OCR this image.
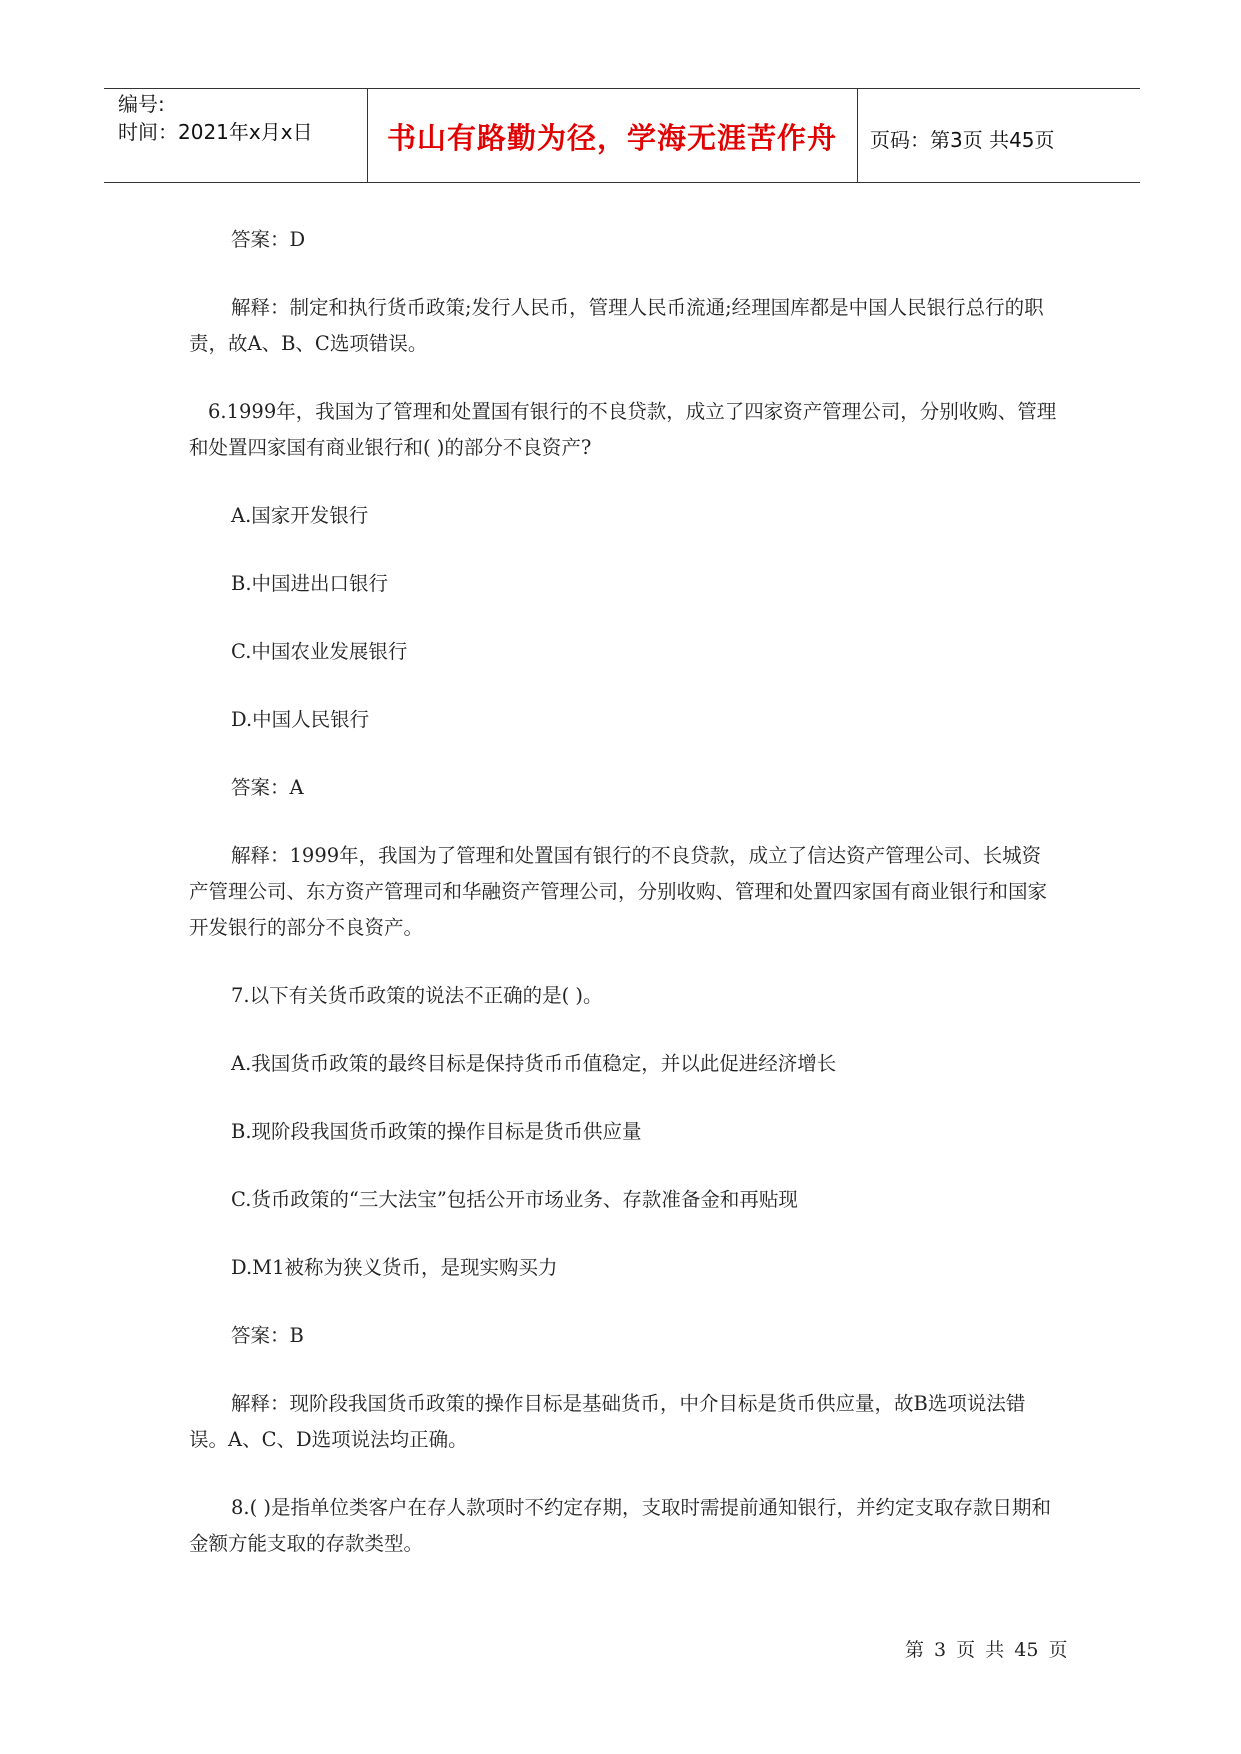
编号:
时间：2021年x月x日	书山有路勤为径，学海无涯苦作舟	页码：第3页 共45页

答案：D

解释：制定和执行货币政策;发行人民币，管理人民币流通;经理国库都是中国人民银行总行的职责，故A、B、C选项错误。

6.1999年，我国为了管理和处置国有银行的不良贷款，成立了四家资产管理公司，分别收购、管理和处置四家国有商业银行和( )的部分不良资产?

A.国家开发银行

B.中国进出口银行

C.中国农业发展银行

D.中国人民银行

答案：A

解释：1999年，我国为了管理和处置国有银行的不良贷款，成立了信达资产管理公司、长城资产管理公司、东方资产管理司和华融资产管理公司，分别收购、管理和处置四家国有商业银行和国家开发银行的部分不良资产。

7.以下有关货币政策的说法不正确的是( )。

A.我国货币政策的最终目标是保持货币币值稳定，并以此促进经济增长

B.现阶段我国货币政策的操作目标是货币供应量

C.货币政策的“三大法宝”包括公开市场业务、存款准备金和再贴现

D.M1被称为狭义货币，是现实购买力

答案：B

解释：现阶段我国货币政策的操作目标是基础货币，中介目标是货币供应量，故B选项说法错误。A、C、D选项说法均正确。

8.( )是指单位类客户在存人款项时不约定存期，支取时需提前通知银行，并约定支取存款日期和金额方能支取的存款类型。

第 3 页 共 45 页
